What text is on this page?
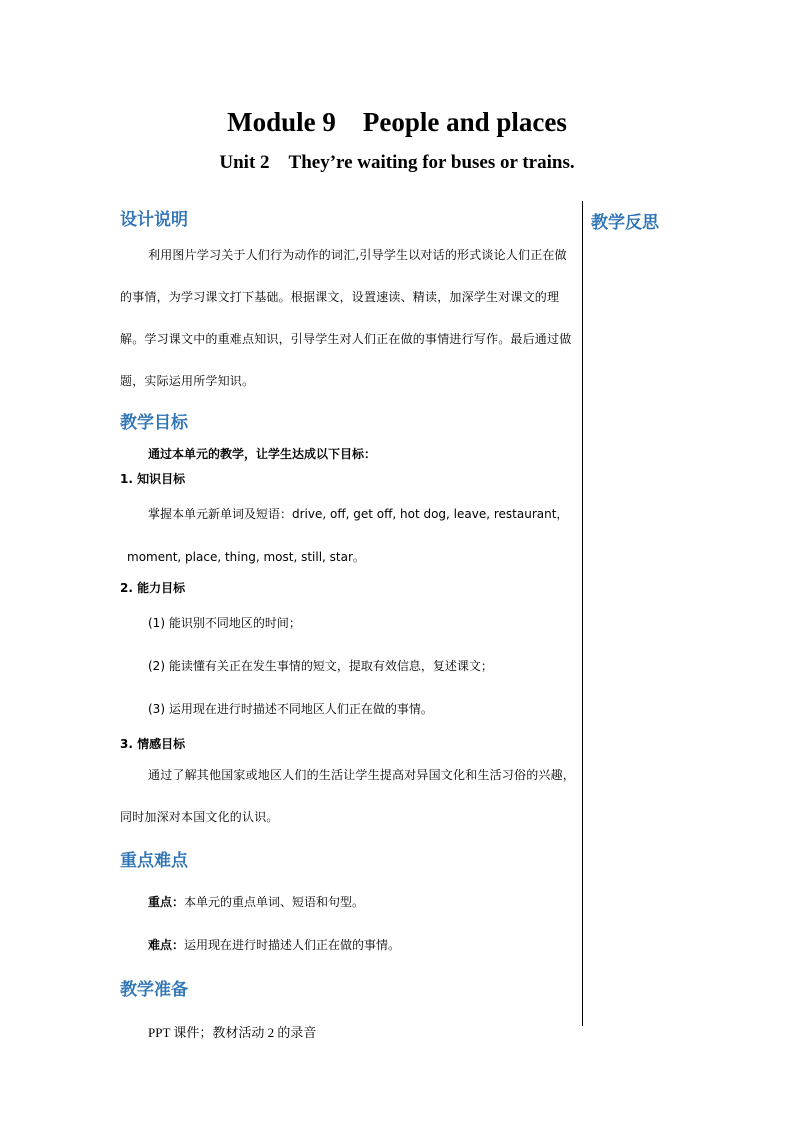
Module 9　People and places
Unit 2　They’re waiting for buses or trains.

设计说明

利用图片学习关于人们行为动作的词汇,引导学生以对话的形式谈论人们正在做的事情，为学习课文打下基础。根据课文，设置速读、精读，加深学生对课文的理解。学习课文中的重难点知识，引导学生对人们正在做的事情进行写作。最后通过做题，实际运用所学知识。

教学目标

通过本单元的教学，让学生达成以下目标：

1. 知识目标

掌握本单元新单词及短语：drive, off, get off, hot dog, leave, restaurant，

moment, place, thing, most, still, star。

2. 能力目标

(1) 能识别不同地区的时间；

(2) 能读懂有关正在发生事情的短文，提取有效信息，复述课文；

(3) 运用现在进行时描述不同地区人们正在做的事情。

3. 情感目标

通过了解其他国家或地区人们的生活让学生提高对异国文化和生活习俗的兴趣，同时加深对本国文化的认识。

重点难点

重点：本单元的重点单词、短语和句型。

难点：运用现在进行时描述人们正在做的事情。

教学准备

PPT 课件；教材活动 2 的录音

教学反思
